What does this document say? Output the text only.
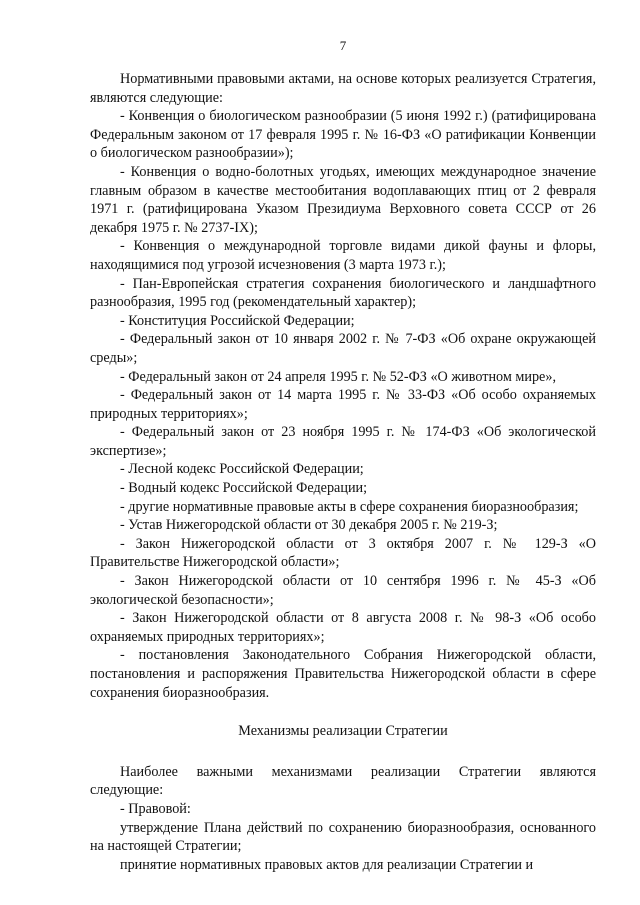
7

Нормативными правовыми актами, на основе которых реализуется Стратегия, являются следующие:

- Конвенция о биологическом разнообразии (5 июня 1992 г.) (ратифицирована Федеральным законом от 17 февраля 1995 г. № 16-ФЗ «О ратификации Конвенции о биологическом разнообразии»);

- Конвенция о водно-болотных угодьях, имеющих международное значение главным образом в качестве местообитания водоплавающих птиц от 2 февраля 1971 г. (ратифицирована Указом Президиума Верховного совета СССР от 26 декабря 1975 г. № 2737-IX);

- Конвенция о международной торговле видами дикой фауны и флоры, находящимися под угрозой исчезновения (3 марта 1973 г.);

- Пан-Европейская стратегия сохранения биологического и ландшафтного разнообразия, 1995 год (рекомендательный характер);

- Конституция Российской Федерации;

- Федеральный закон от 10 января 2002 г. № 7-ФЗ «Об охране окружающей среды»;

- Федеральный закон от 24 апреля 1995 г. № 52-ФЗ «О животном мире»,

- Федеральный закон от 14 марта 1995 г. № 33-ФЗ «Об особо охраняемых природных территориях»;

- Федеральный закон от 23 ноября 1995 г. № 174-ФЗ «Об экологической экспертизе»;

- Лесной кодекс Российской Федерации;

- Водный кодекс Российской Федерации;

- другие нормативные правовые акты в сфере сохранения биоразнообразия;

- Устав Нижегородской области от 30 декабря 2005 г. № 219-З;

- Закон Нижегородской области от 3 октября 2007 г. № 129-З «О Правительстве Нижегородской области»;

- Закон Нижегородской области от 10 сентября 1996 г. № 45-З «Об экологической безопасности»;

- Закон Нижегородской области от 8 августа 2008 г. № 98-З «Об особо охраняемых природных территориях»;

- постановления Законодательного Собрания Нижегородской области, постановления и распоряжения Правительства Нижегородской области в сфере сохранения биоразнообразия.

Механизмы реализации Стратегии

Наиболее важными механизмами реализации Стратегии являются следующие:

- Правовой:

утверждение Плана действий по сохранению биоразнообразия, основанного на настоящей Стратегии;

принятие нормативных правовых актов для реализации Стратегии и
